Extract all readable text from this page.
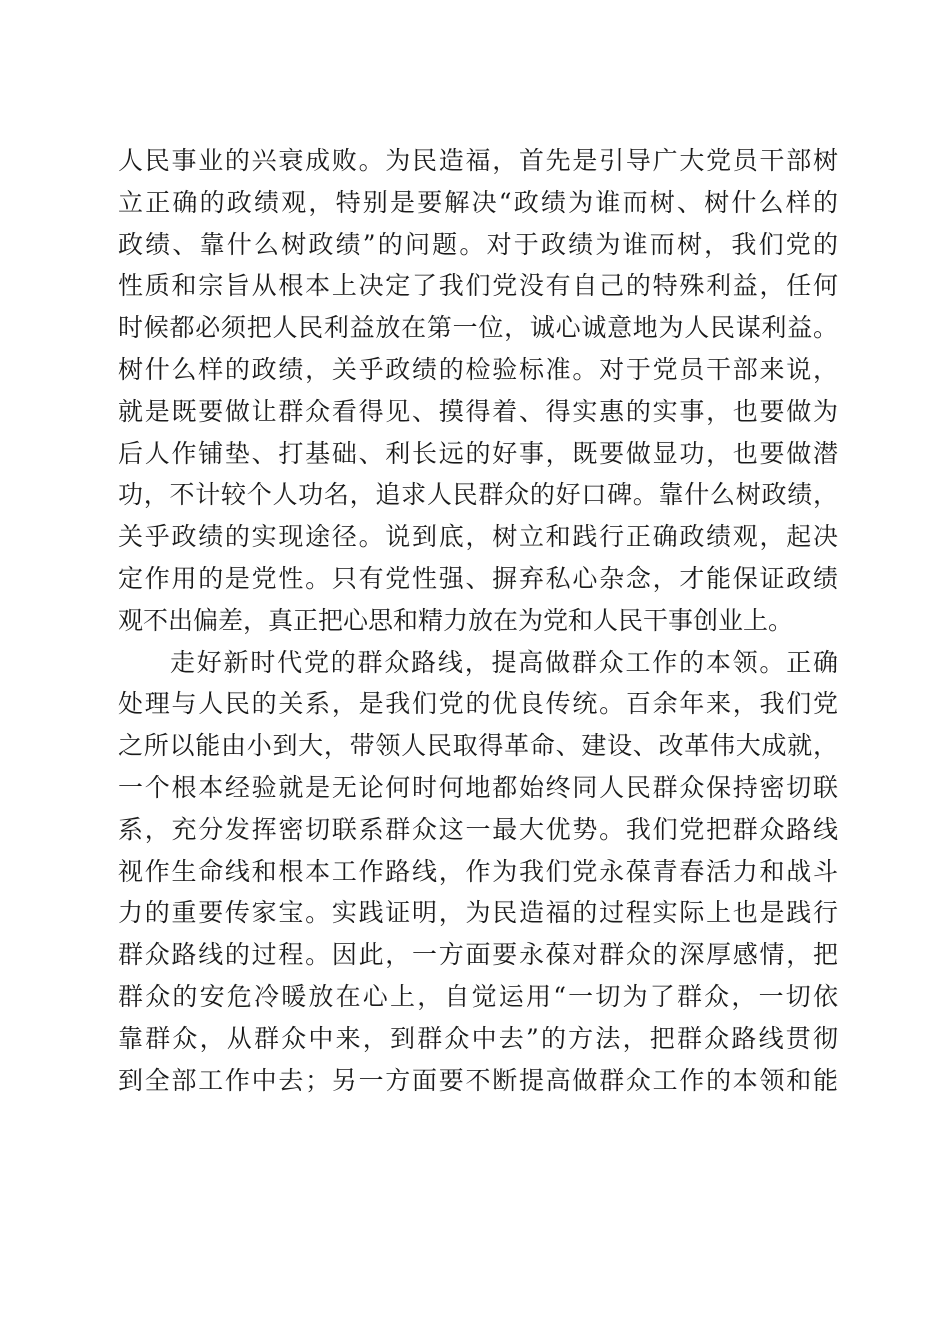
人民事业的兴衰成败。为民造福，首先是引导广大党员干部树
立正确的政绩观，特别是要解决“政绩为谁而树、树什么样的
政绩、靠什么树政绩”的问题。对于政绩为谁而树，我们党的
性质和宗旨从根本上决定了我们党没有自己的特殊利益，任何
时候都必须把人民利益放在第一位，诚心诚意地为人民谋利益。
树什么样的政绩，关乎政绩的检验标准。对于党员干部来说，
就是既要做让群众看得见、摸得着、得实惠的实事，也要做为
后人作铺垫、打基础、利长远的好事，既要做显功，也要做潜
功，不计较个人功名，追求人民群众的好口碑。靠什么树政绩，
关乎政绩的实现途径。说到底，树立和践行正确政绩观，起决
定作用的是党性。只有党性强、摒弃私心杂念，才能保证政绩
观不出偏差，真正把心思和精力放在为党和人民干事创业上。
走好新时代党的群众路线，提高做群众工作的本领。正确
处理与人民的关系，是我们党的优良传统。百余年来，我们党
之所以能由小到大，带领人民取得革命、建设、改革伟大成就，
一个根本经验就是无论何时何地都始终同人民群众保持密切联
系，充分发挥密切联系群众这一最大优势。我们党把群众路线
视作生命线和根本工作路线，作为我们党永葆青春活力和战斗
力的重要传家宝。实践证明，为民造福的过程实际上也是践行
群众路线的过程。因此，一方面要永葆对群众的深厚感情，把
群众的安危冷暖放在心上，自觉运用“一切为了群众，一切依
靠群众，从群众中来，到群众中去”的方法，把群众路线贯彻
到全部工作中去；另一方面要不断提高做群众工作的本领和能
